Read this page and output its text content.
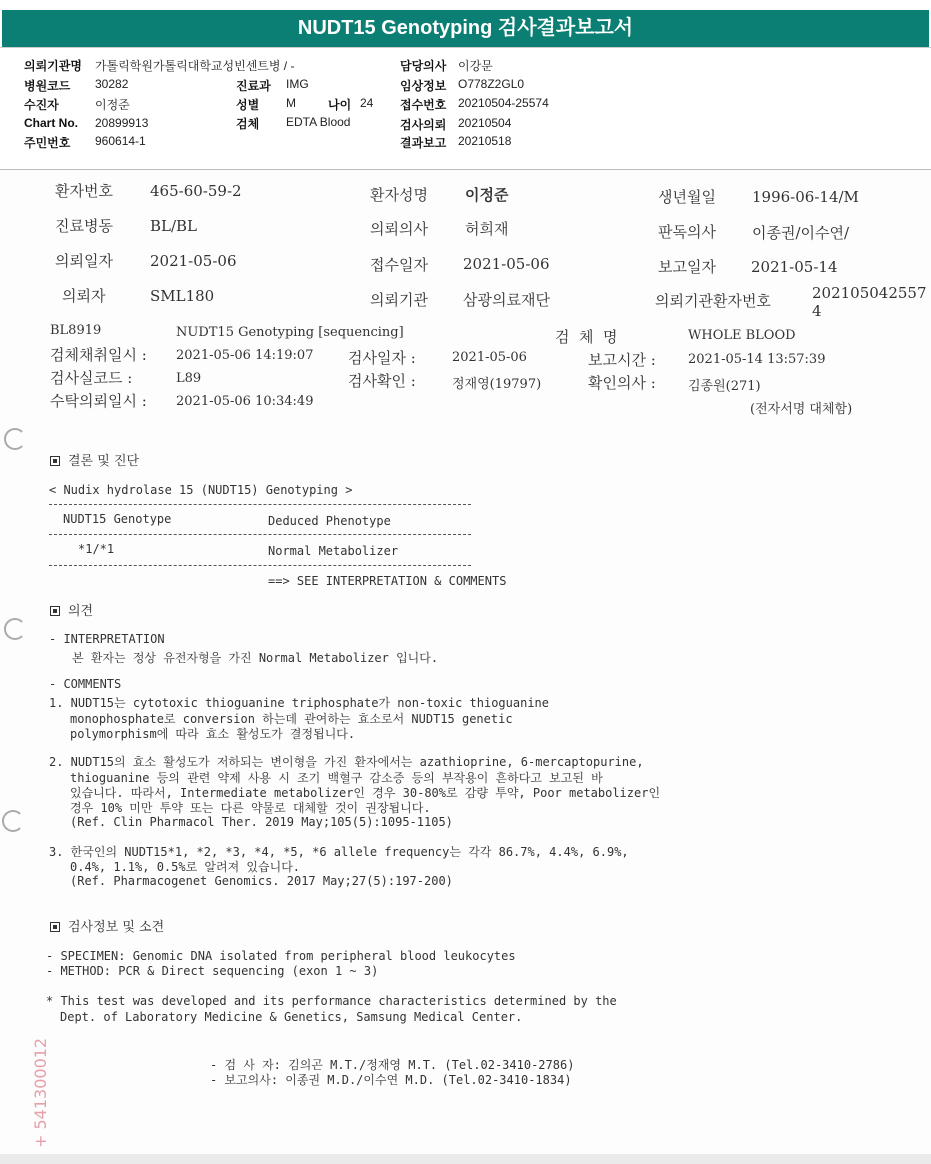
NUDT15 Genotyping 검사결과보고서
의뢰기관명 가톨릭학원가톨릭대학교성빈센트병 / -	담당의사 이강문
병원코드 30282	진료과 IMG	임상정보 O778Z2GL0
수진자	이정준	성별 M	나이 24 접수번호 20210504-25574
Chart No. 20899913	검체 EDTA Blood	검사의뢰 20210504
주민번호 960614-1	결과보고 20210518
환자번호 465-60-59-2	환자성명 이정준	생년월일 1996-06-14/M
진료병동 BL/BL	의뢰의사 허희재	판독의사 이종권/이수연/
의뢰일자 2021-05-06	접수일자 2021-05-06	보고일자 2021-05-14
의뢰자	SML180	의뢰기관 삼광의료재단	의뢰기관환자번호	202105042557
4
BL8919	NUDT15 Genotyping [sequencing]	검  체  명	WHOLE BLOOD
검체채취일시 : 2021-05-06 14:19:07 검사일자 :	2021-05-06	보고시간 : 2021-05-14 13:57:39
검사실코드 :	L89	검사확인 :	정재영(19797)	확인의사 : 김종원(271)
수탁의뢰일시 : 2021-05-06 10:34:49
(전자서명 대체함)
결론 및 진단
< Nudix hydrolase 15 (NUDT15) Genotyping >
NUDT15 Genotype	Deduced Phenotype
*1/*1	Normal Metabolizer
==> SEE INTERPRETATION & COMMENTS
의견
- INTERPRETATION
본 환자는 정상 유전자형을 가진 Normal Metabolizer 입니다.
- COMMENTS
1. NUDT15는 cytotoxic thioguanine triphosphate가 non-toxic thioguanine
monophosphate로 conversion 하는데 관여하는 효소로서 NUDT15 genetic
polymorphism에 따라 효소 활성도가 결정됩니다.
2. NUDT15의 효소 활성도가 저하되는 변이형을 가진 환자에서는 azathioprine, 6-mercaptopurine,
thioguanine 등의 관련 약제 사용 시 조기 백혈구 감소증 등의 부작용이 흔하다고 보고된 바
있습니다. 따라서, Intermediate metabolizer인 경우 30-80%로 감량 투약, Poor metabolizer인
경우 10% 미만 투약 또는 다른 약물로 대체할 것이 권장됩니다.
(Ref. Clin Pharmacol Ther. 2019 May;105(5):1095-1105)
3. 한국인의 NUDT15*1, *2, *3, *4, *5, *6 allele frequency는 각각 86.7%, 4.4%, 6.9%,
0.4%, 1.1%, 0.5%로 알려져 있습니다.
(Ref. Pharmacogenet Genomics. 2017 May;27(5):197-200)
검사정보 및 소견
- SPECIMEN: Genomic DNA isolated from peripheral blood leukocytes
- METHOD: PCR & Direct sequencing (exon 1 ~ 3)
* This test was developed and its performance characteristics determined by the
Dept. of Laboratory Medicine & Genetics, Samsung Medical Center.
- 검 사 자: 김의곤 M.T./정재영 M.T. (Tel.02-3410-2786)
- 보고의사: 이종권 M.D./이수연 M.D. (Tel.02-3410-1834)
+ 541300012
